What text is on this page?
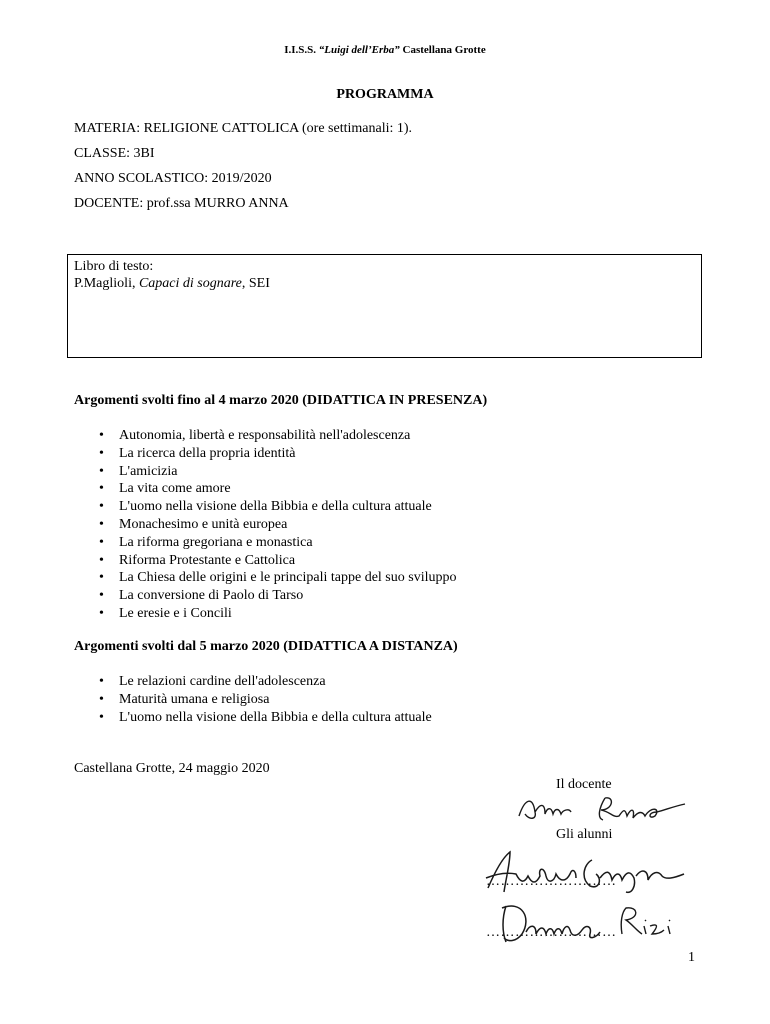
I.I.S.S. “Luigi dell’Erba” Castellana Grotte
PROGRAMMA
MATERIA: RELIGIONE CATTOLICA (ore settimanali: 1).
CLASSE: 3BI
ANNO SCOLASTICO: 2019/2020
DOCENTE: prof.ssa MURRO ANNA
Libro di testo:
P.Maglioli, Capaci di sognare, SEI
Argomenti svolti fino al 4 marzo 2020 (DIDATTICA IN PRESENZA)
• Autonomia, libertà e responsabilità nell'adolescenza
• La ricerca della propria identità
• L'amicizia
• La vita come amore
• L'uomo nella visione della Bibbia e della cultura attuale
• Monachesimo e unità europea
• La riforma gregoriana e monastica
• Riforma Protestante e Cattolica
• La Chiesa delle origini e le principali tappe del suo sviluppo
• La conversione di Paolo di Tarso
• Le eresie e i Concili
Argomenti svolti dal 5 marzo 2020 (DIDATTICA A DISTANZA)
• Le relazioni cardine dell'adolescenza
• Maturità umana e religiosa
• L'uomo nella visione della Bibbia e della cultura attuale
Castellana Grotte, 24 maggio 2020
Il docente
Gli alunni
………………………
………………………
1
